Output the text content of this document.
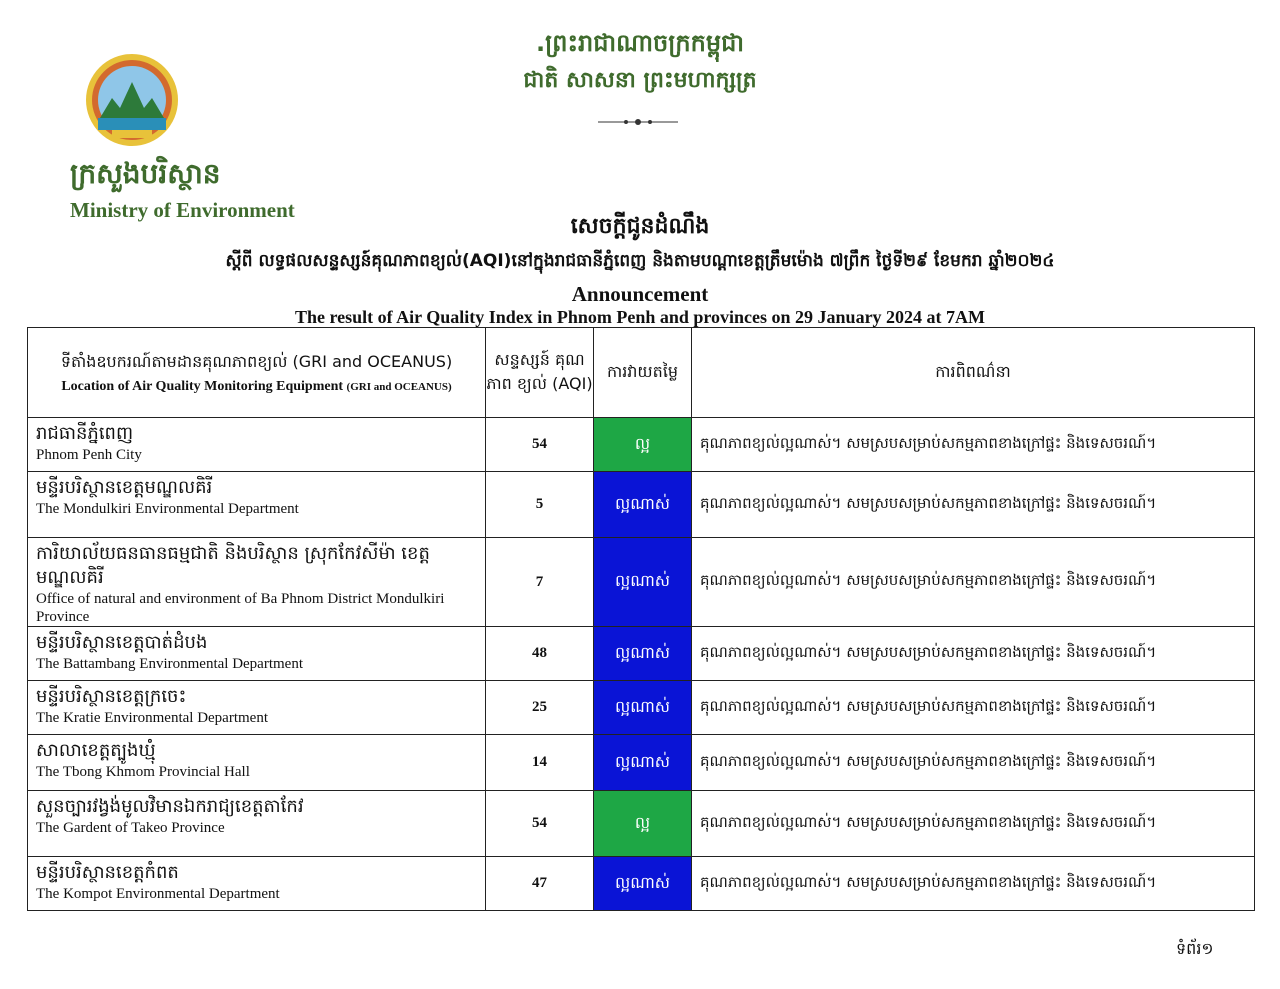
.ព្រះរាជាណាចក្រកម្ពុជា
ជាតិ សាសនា ព្រះមហាក្សត្រ
ក្រសួងបរិស្ថាន
Ministry of Environment
សេចក្តីជូនដំណឹង
ស្តីពី លទ្ធផលសន្ទស្សន៍គុណភាពខ្យល់(AQI)នៅក្នុងរាជធានីភ្នំពេញ និងតាមបណ្តាខេត្តត្រឹមម៉ោង ៧ព្រឹក ថ្ងៃទី២៩ ខែមករា ឆ្នាំ២០២៤
Announcement
The result of Air Quality Index in Phnom Penh and provinces on 29 January 2024 at 7AM
ទីតាំងឧបករណ៍តាមដានគុណភាពខ្យល់ (GRI and OCEANUS)
Location of Air Quality Monitoring Equipment (GRI and OCEANUS)	សន្ទស្សន៍ គុណភាព ខ្យល់ (AQI)	ការវាយតម្លៃ	ការពិពណ៌នា

រាជធានីភ្នំពេញ
Phnom Penh City	54	ល្អ	គុណភាពខ្យល់ល្អណាស់។ សមស្របសម្រាប់សកម្មភាពខាងក្រៅផ្ទះ និងទេសចរណ៍។

មន្ទីរបរិស្ថានខេត្តមណ្ឌលគិរី
The Mondulkiri Environmental Department	5	ល្អណាស់	គុណភាពខ្យល់ល្អណាស់។ សមស្របសម្រាប់សកម្មភាពខាងក្រៅផ្ទះ និងទេសចរណ៍។

ការិយាល័យធនធានធម្មជាតិ និងបរិស្ថាន ស្រុកកែវសីម៉ា ខេត្តមណ្ឌលគិរី
Office of natural and environment of Ba Phnom District Mondulkiri Province	7	ល្អណាស់	គុណភាពខ្យល់ល្អណាស់។ សមស្របសម្រាប់សកម្មភាពខាងក្រៅផ្ទះ និងទេសចរណ៍។

មន្ទីរបរិស្ថានខេត្តបាត់ដំបង
The Battambang Environmental Department	48	ល្អណាស់	គុណភាពខ្យល់ល្អណាស់។ សមស្របសម្រាប់សកម្មភាពខាងក្រៅផ្ទះ និងទេសចរណ៍។

មន្ទីរបរិស្ថានខេត្តក្រចេះ
The Kratie Environmental Department	25	ល្អណាស់	គុណភាពខ្យល់ល្អណាស់។ សមស្របសម្រាប់សកម្មភាពខាងក្រៅផ្ទះ និងទេសចរណ៍។

សាលាខេត្តត្បូងឃ្មុំ
The Tbong Khmom Provincial Hall	14	ល្អណាស់	គុណភាពខ្យល់ល្អណាស់។ សមស្របសម្រាប់សកម្មភាពខាងក្រៅផ្ទះ និងទេសចរណ៍។

សួនច្បារវង្វង់មូលវិមានឯករាជ្យខេត្តតាកែវ
The Gardent of Takeo Province	54	ល្អ	គុណភាពខ្យល់ល្អណាស់។ សមស្របសម្រាប់សកម្មភាពខាងក្រៅផ្ទះ និងទេសចរណ៍។

មន្ទីរបរិស្ថានខេត្តកំពត
The Kompot Environmental Department	47	ល្អណាស់	គុណភាពខ្យល់ល្អណាស់។ សមស្របសម្រាប់សកម្មភាពខាងក្រៅផ្ទះ និងទេសចរណ៍។
ទំព័រ១
